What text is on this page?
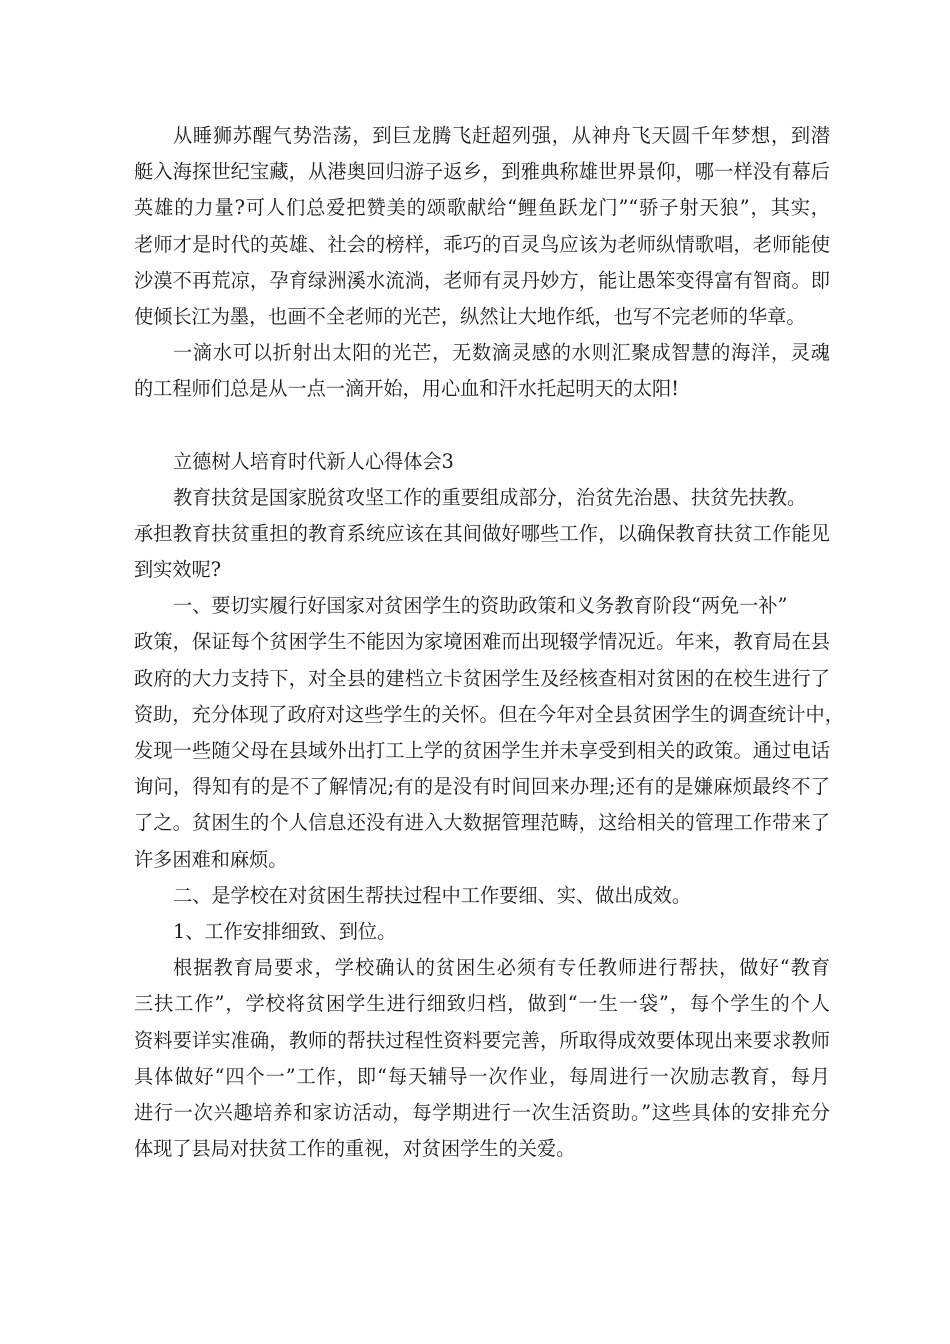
从睡狮苏醒气势浩荡，到巨龙腾飞赶超列强，从神舟飞天圆千年梦想，到潜
艇入海探世纪宝藏，从港奥回归游子返乡，到雅典称雄世界景仰，哪一样没有幕后
英雄的力量?可人们总爱把赞美的颂歌献给“鲤鱼跃龙门”“骄子射天狼”，其实，
老师才是时代的英雄、社会的榜样，乖巧的百灵鸟应该为老师纵情歌唱，老师能使
沙漠不再荒凉，孕育绿洲溪水流淌，老师有灵丹妙方，能让愚笨变得富有智商。即
使倾长江为墨，也画不全老师的光芒，纵然让大地作纸，也写不完老师的华章。
一滴水可以折射出太阳的光芒，无数滴灵感的水则汇聚成智慧的海洋，灵魂
的工程师们总是从一点一滴开始，用心血和汗水托起明天的太阳!
立德树人培育时代新人心得体会3
教育扶贫是国家脱贫攻坚工作的重要组成部分，治贫先治愚、扶贫先扶教。
承担教育扶贫重担的教育系统应该在其间做好哪些工作，以确保教育扶贫工作能见
到实效呢?
一、要切实履行好国家对贫困学生的资助政策和义务教育阶段“两免一补”
政策，保证每个贫困学生不能因为家境困难而出现辍学情况近。年来，教育局在县
政府的大力支持下，对全县的建档立卡贫困学生及经核查相对贫困的在校生进行了
资助，充分体现了政府对这些学生的关怀。但在今年对全县贫困学生的调查统计中，
发现一些随父母在县域外出打工上学的贫困学生并未享受到相关的政策。通过电话
询问，得知有的是不了解情况;有的是没有时间回来办理;还有的是嫌麻烦最终不了
了之。贫困生的个人信息还没有进入大数据管理范畴，这给相关的管理工作带来了
许多困难和麻烦。
二、是学校在对贫困生帮扶过程中工作要细、实、做出成效。
1、工作安排细致、到位。
根据教育局要求，学校确认的贫困生必须有专任教师进行帮扶，做好“教育
三扶工作”，学校将贫困学生进行细致归档，做到“一生一袋”，每个学生的个人
资料要详实准确，教师的帮扶过程性资料要完善，所取得成效要体现出来要求教师
具体做好“四个一”工作，即“每天辅导一次作业，每周进行一次励志教育，每月
进行一次兴趣培养和家访活动，每学期进行一次生活资助。”这些具体的安排充分
体现了县局对扶贫工作的重视，对贫困学生的关爱。
